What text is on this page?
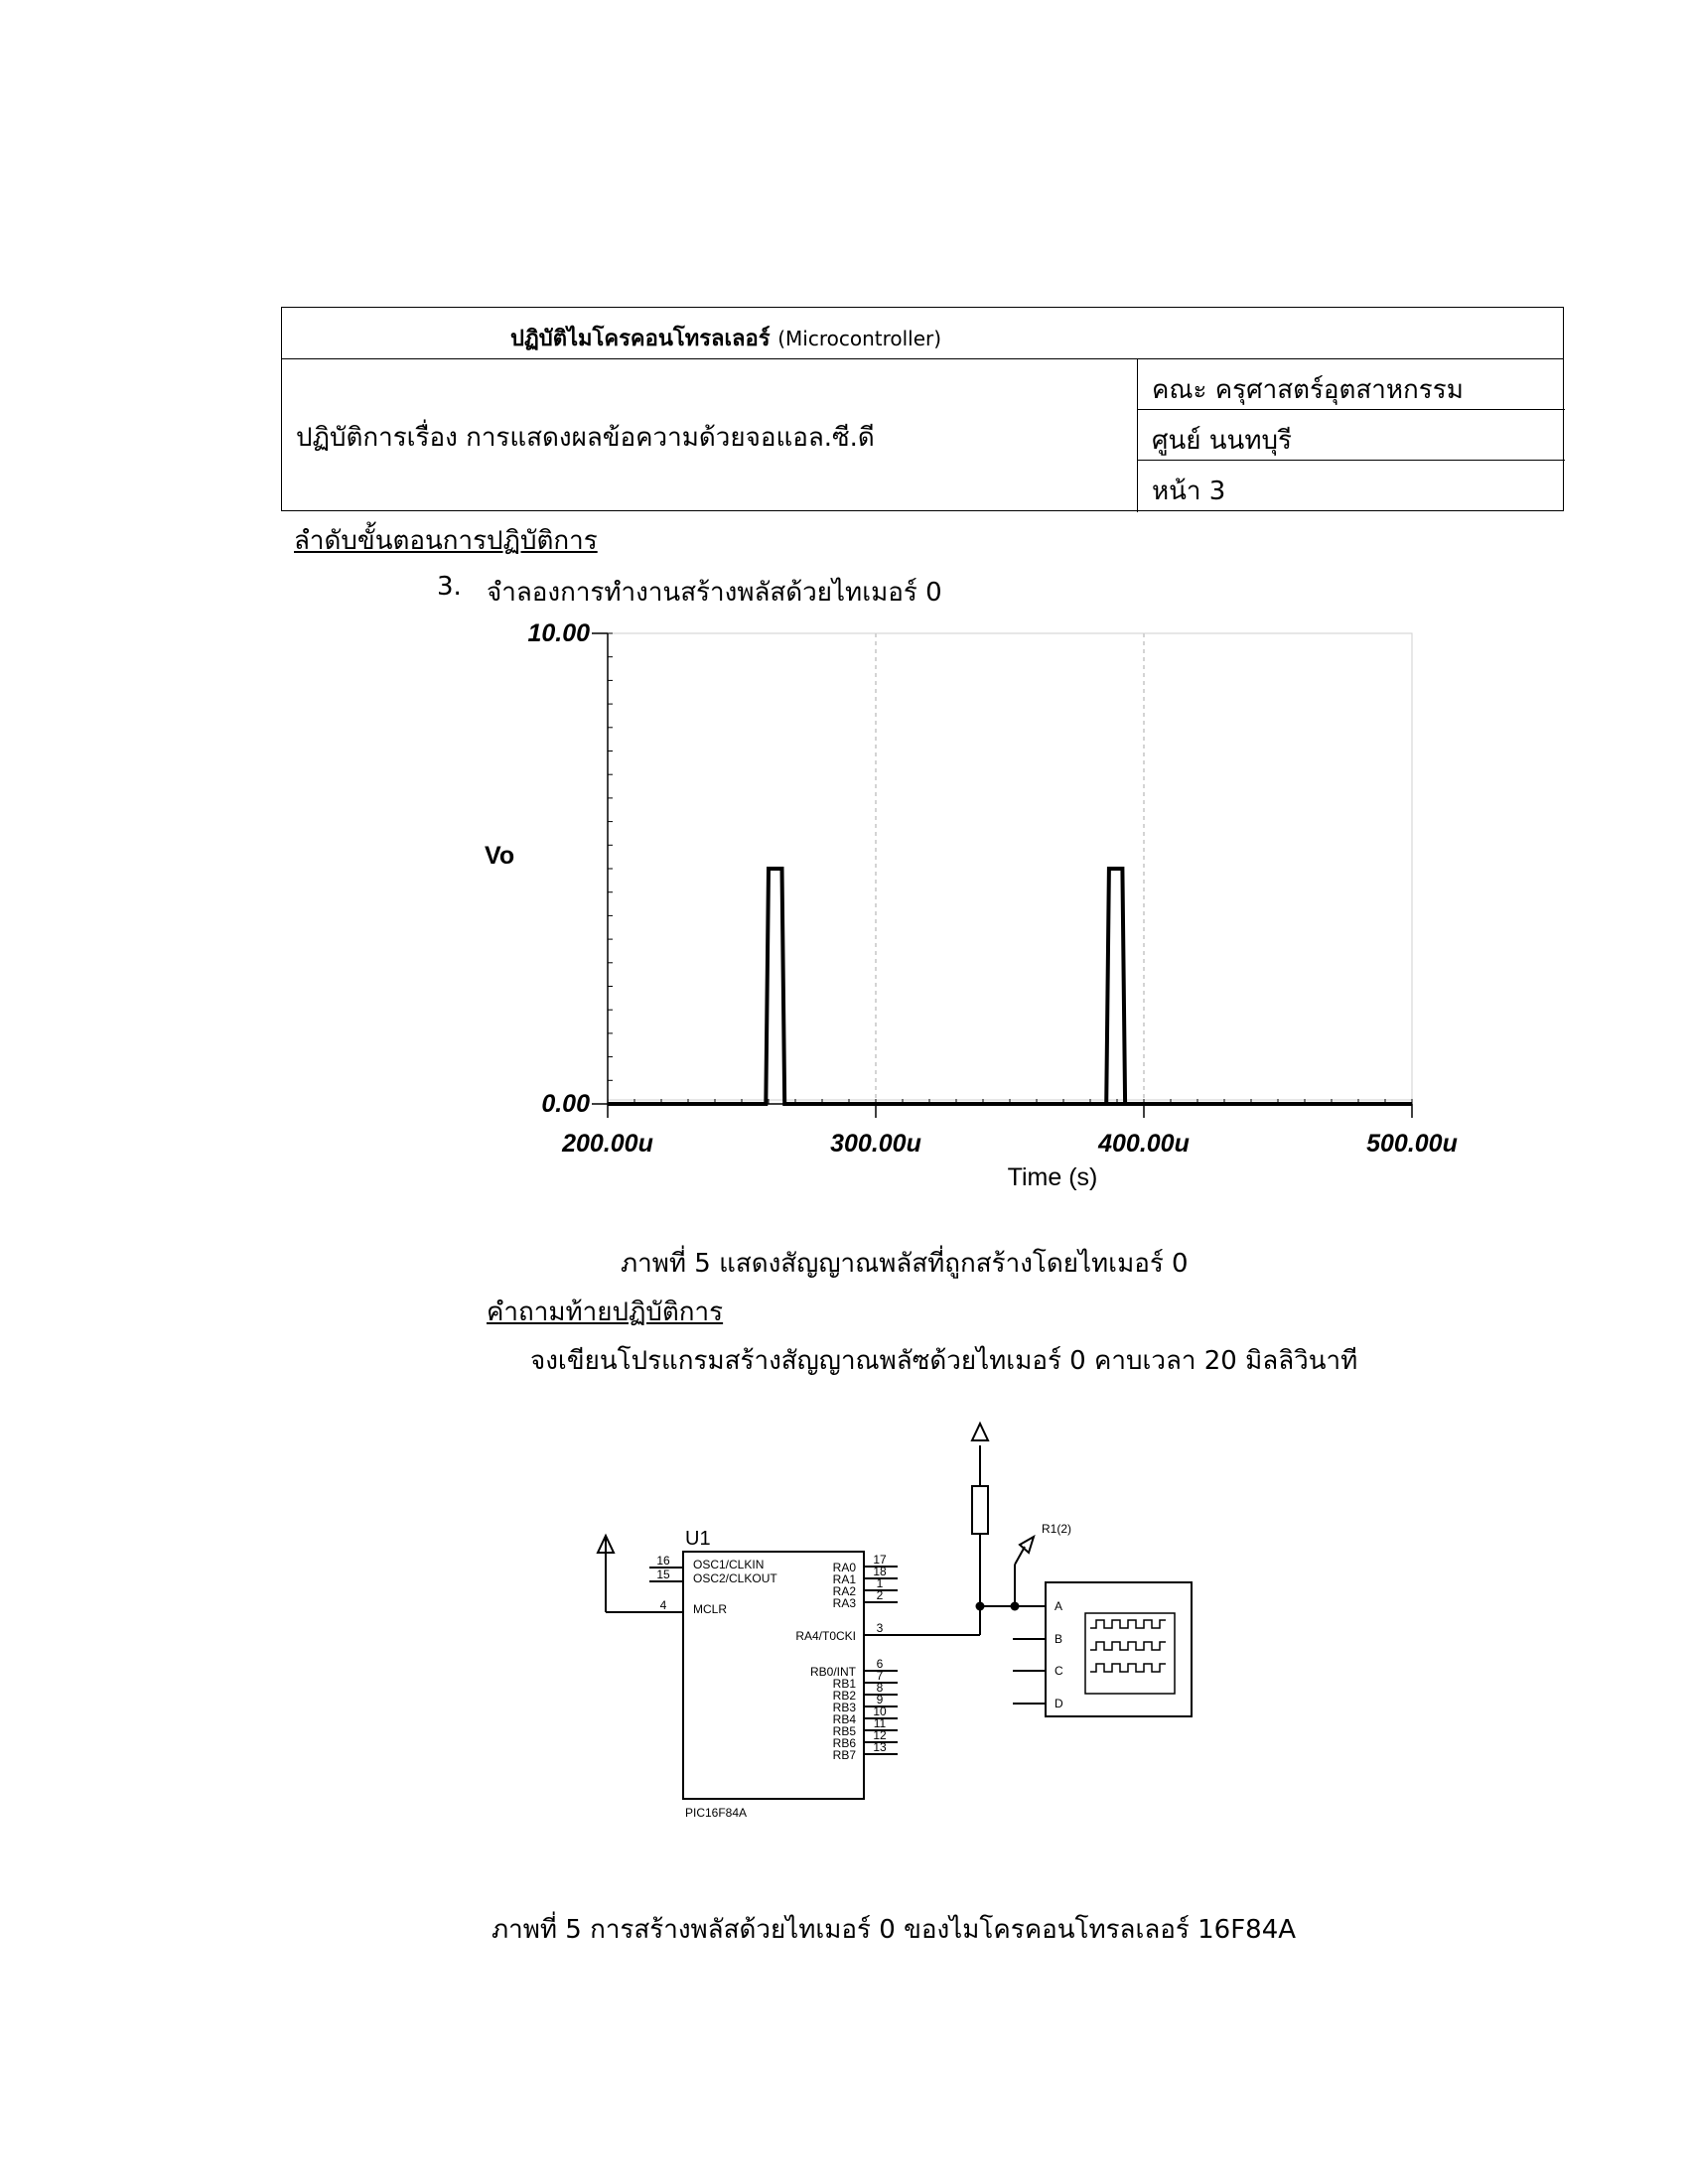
ปฏิบัติไมโครคอนโทรลเลอร์ (Microcontroller)
ปฏิบัติการเรื่อง การแสดงผลข้อความด้วยจอแอล.ซี.ดี
คณะ ครุศาสตร์อุตสาหกรรม
ศูนย์ นนทบุรี
หน้า 3
ลำดับขั้นตอนการปฏิบัติการ
3. จำลองการทำงานสร้างพลัสด้วยไทเมอร์ 0
10.00
0.00
Vo
200.00u	300.00u	400.00u	500.00u
Time (s)
ภาพที่ 5 แสดงสัญญาณพลัสที่ถูกสร้างโดยไทเมอร์ 0
คำถามท้ายปฏิบัติการ
จงเขียนโปรแกรมสร้างสัญญาณพลัซด้วยไทเมอร์ 0 คาบเวลา 20 มิลลิวินาที
U1
PIC16F84A
R1(2)
16 OSC1/CLKIN
15 OSC2/CLKOUT
4 MCLR
17
RA0 18
RA1 1
RA2 2
RA3
3
RA4/T0CKI
6
RB0/INT 7
RB1 8
RB2 9
RB3 10
RB4 11
RB5 12
RB6 13
RB7
A
B
C
D
ภาพที่ 5 การสร้างพลัสด้วยไทเมอร์ 0 ของไมโครคอนโทรลเลอร์ 16F84A
